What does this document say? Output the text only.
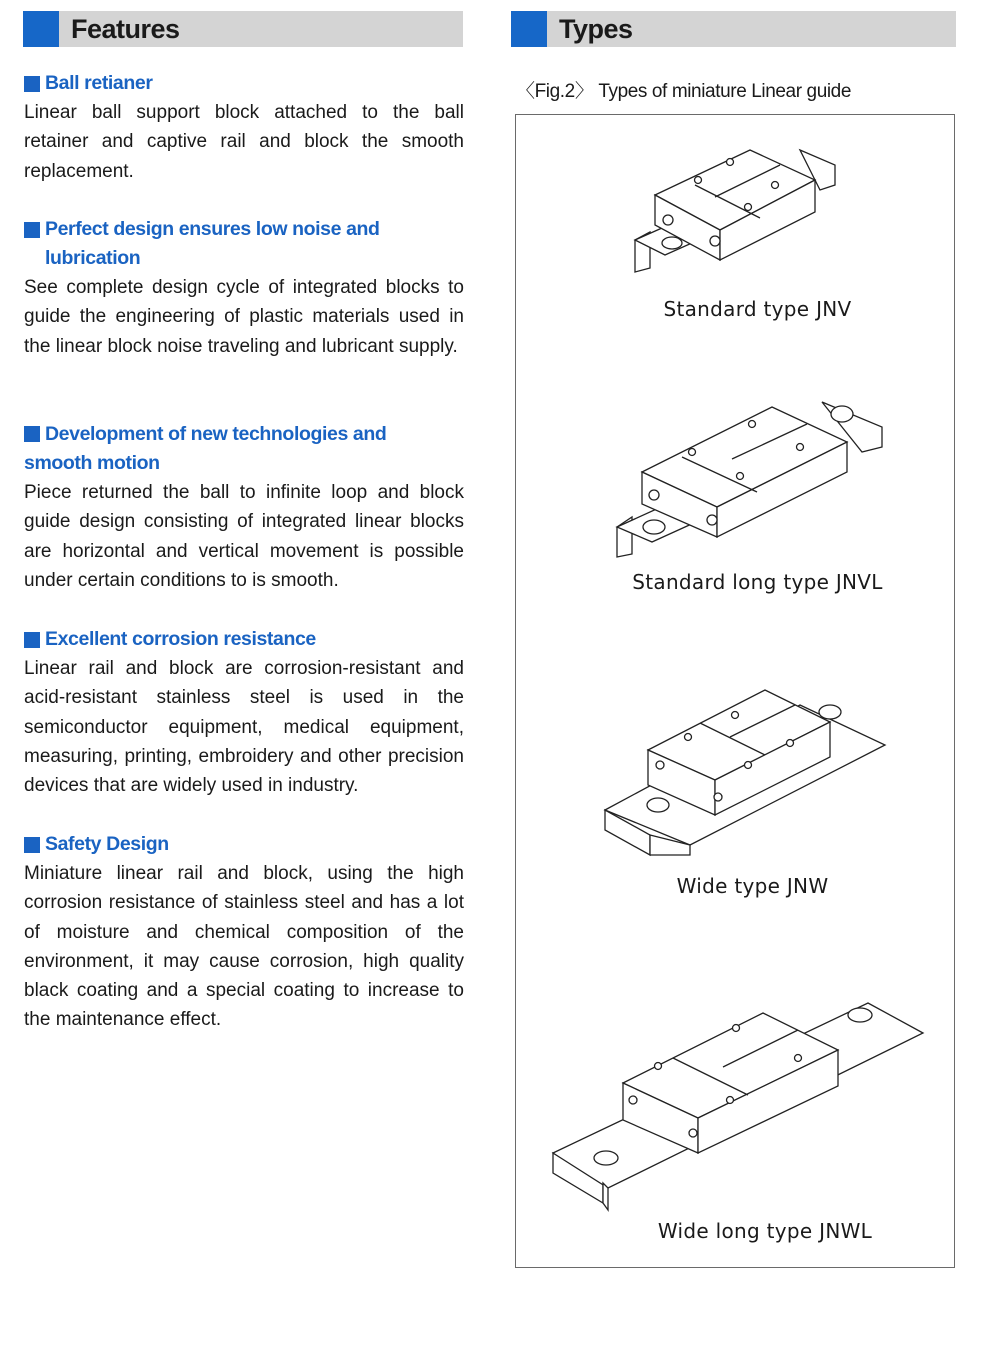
Features	Types
Ball retianer
Linear ball support block attached to the ball retainer and captive rail and block the smooth replacement.
Perfect design ensures low noise and
lubrication
See complete design cycle of integrated blocks to guide the engineering of plastic materials used in the linear block noise traveling and lubricant supply.
Development of new technologies and
smooth motion
Piece returned the ball to infinite loop and block guide design consisting of integrated linear blocks are horizontal and vertical movement is possible under certain conditions to is smooth.
Excellent corrosion resistance
Linear rail and block are corrosion-resistant and acid-resistant stainless steel is used in the semiconductor equipment, medical equipment, measuring, printing, embroidery and other precision devices that are widely used in industry.
Safety Design
Miniature linear rail and block, using the high corrosion resistance of stainless steel and has a lot of moisture and chemical composition of the environment, it may cause corrosion, high quality black coating and a special coating to increase to the maintenance effect.
〈Fig.2〉 Types of miniature Linear guide
Standard type JNV
Standard long type JNVL
Wide type JNW
Wide long type JNWL
